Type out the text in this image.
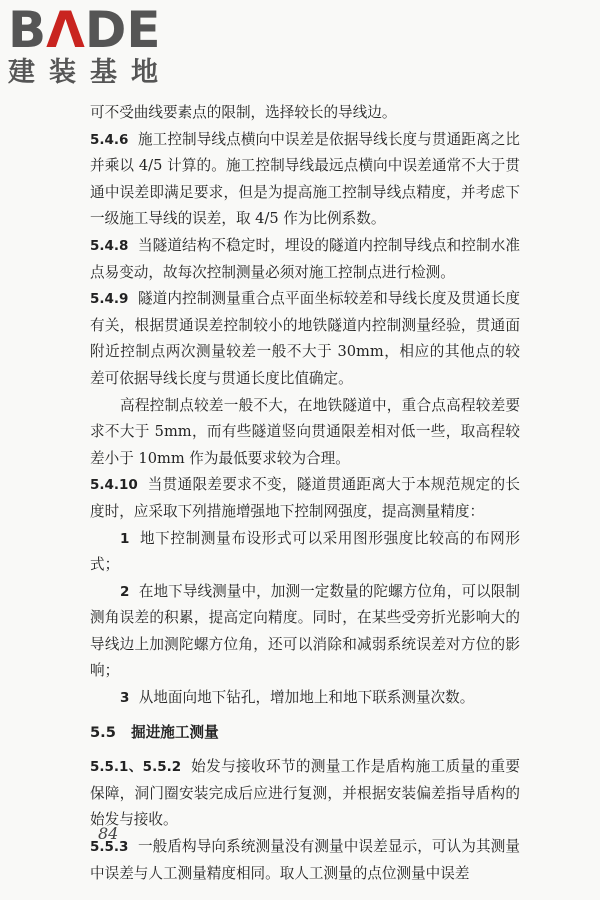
BΛDE
建装基地

可不受曲线要素点的限制，选择较长的导线边。

5.4.6 施工控制导线点横向中误差是依据导线长度与贯通距离之比并乘以 4/5 计算的。施工控制导线最远点横向中误差通常不大于贯通中误差即满足要求，但是为提高施工控制导线点精度，并考虑下一级施工导线的误差，取 4/5 作为比例系数。

5.4.8 当隧道结构不稳定时，埋设的隧道内控制导线点和控制水准点易变动，故每次控制测量必须对施工控制点进行检测。

5.4.9 隧道内控制测量重合点平面坐标较差和导线长度及贯通长度有关，根据贯通误差控制较小的地铁隧道内控制测量经验，贯通面附近控制点两次测量较差一般不大于 30mm，相应的其他点的较差可依据导线长度与贯通长度比值确定。

高程控制点较差一般不大，在地铁隧道中，重合点高程较差要求不大于 5mm，而有些隧道竖向贯通限差相对低一些，取高程较差小于 10mm 作为最低要求较为合理。

5.4.10 当贯通限差要求不变，隧道贯通距离大于本规范规定的长度时，应采取下列措施增强地下控制网强度，提高测量精度：

1 地下控制测量布设形式可以采用图形强度比较高的布网形式；

2 在地下导线测量中，加测一定数量的陀螺方位角，可以限制测角误差的积累，提高定向精度。同时，在某些受旁折光影响大的导线边上加测陀螺方位角，还可以消除和减弱系统误差对方位的影响；

3 从地面向地下钻孔，增加地上和地下联系测量次数。

5.5 掘进施工测量

5.5.1、5.5.2 始发与接收环节的测量工作是盾构施工质量的重要保障，洞门圈安装完成后应进行复测，并根据安装偏差指导盾构的始发与接收。

5.5.3 一般盾构导向系统测量没有测量中误差显示，可认为其测量中误差与人工测量精度相同。取人工测量的点位测量中误差

84
